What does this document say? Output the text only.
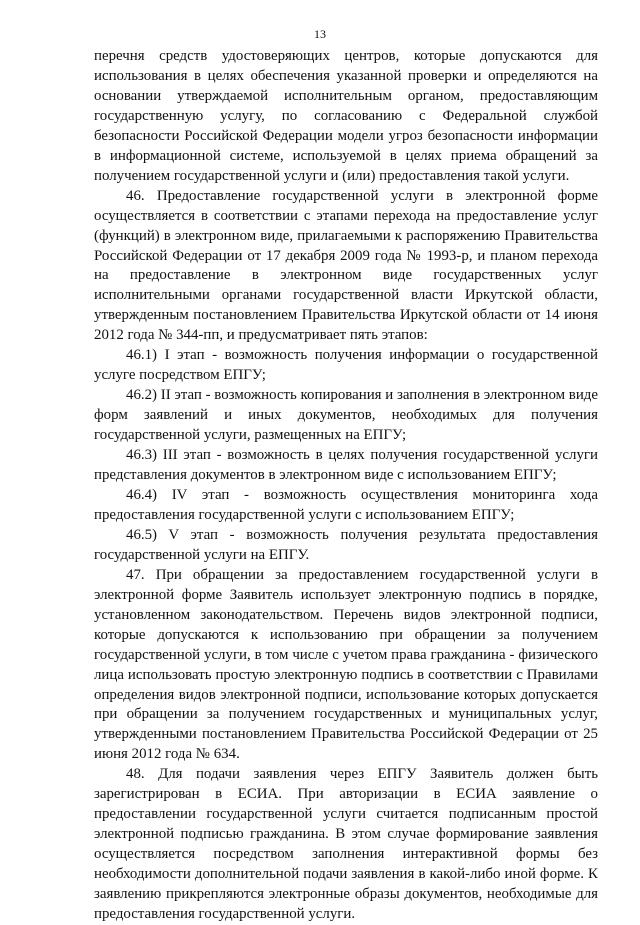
13

перечня средств удостоверяющих центров, которые допускаются для использования в целях обеспечения указанной проверки и определяются на основании утверждаемой исполнительным органом, предоставляющим государственную услугу, по согласованию с Федеральной службой безопасности Российской Федерации модели угроз безопасности информации в информационной системе, используемой в целях приема обращений за получением государственной услуги и (или) предоставления такой услуги.

46. Предоставление государственной услуги в электронной форме осуществляется в соответствии с этапами перехода на предоставление услуг (функций) в электронном виде, прилагаемыми к распоряжению Правительства Российской Федерации от 17 декабря 2009 года № 1993-р, и планом перехода на предоставление в электронном виде государственных услуг исполнительными органами государственной власти Иркутской области, утвержденным постановлением Правительства Иркутской области от 14 июня 2012 года № 344-пп, и предусматривает пять этапов:

46.1) I этап - возможность получения информации о государственной услуге посредством ЕПГУ;

46.2) II этап - возможность копирования и заполнения в электронном виде форм заявлений и иных документов, необходимых для получения государственной услуги, размещенных на ЕПГУ;

46.3) III этап - возможность в целях получения государственной услуги представления документов в электронном виде с использованием ЕПГУ;

46.4) IV этап - возможность осуществления мониторинга хода предоставления государственной услуги с использованием ЕПГУ;

46.5) V этап - возможность получения результата предоставления государственной услуги на ЕПГУ.

47. При обращении за предоставлением государственной услуги в электронной форме Заявитель использует электронную подпись в порядке, установленном законодательством. Перечень видов электронной подписи, которые допускаются к использованию при обращении за получением государственной услуги, в том числе с учетом права гражданина - физического лица использовать простую электронную подпись в соответствии с Правилами определения видов электронной подписи, использование которых допускается при обращении за получением государственных и муниципальных услуг, утвержденными постановлением Правительства Российской Федерации от 25 июня 2012 года № 634.

48. Для подачи заявления через ЕПГУ Заявитель должен быть зарегистрирован в ЕСИА. При авторизации в ЕСИА заявление о предоставлении государственной услуги считается подписанным простой электронной подписью гражданина. В этом случае формирование заявления осуществляется посредством заполнения интерактивной формы без необходимости дополнительной подачи заявления в какой-либо иной форме. К заявлению прикрепляются электронные образы документов, необходимые для предоставления государственной услуги.
